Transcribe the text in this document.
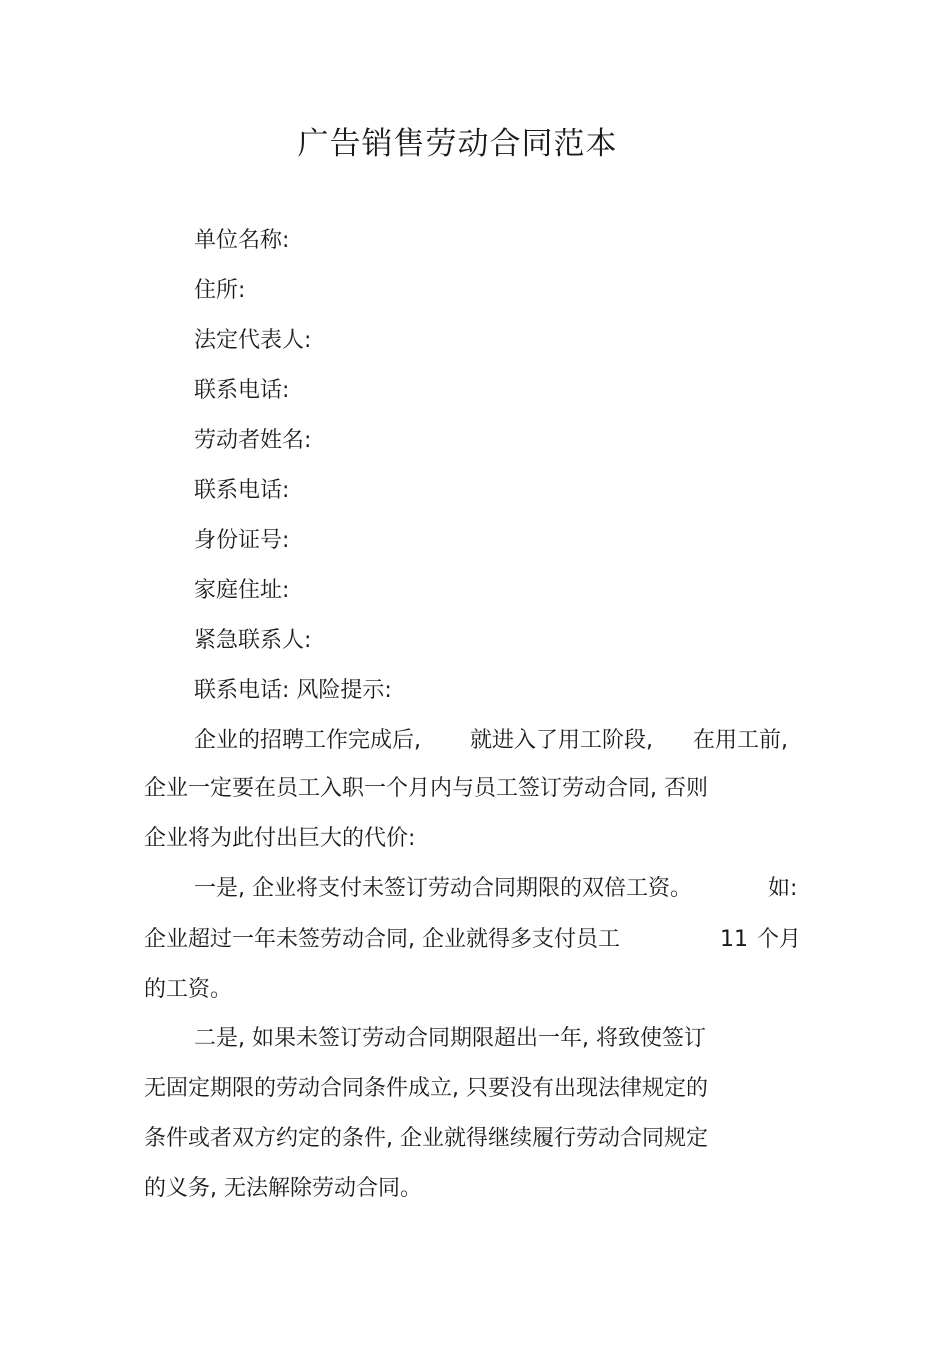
广告销售劳动合同范本
单位名称:
住所:
法定代表人:
联系电话:
劳动者姓名:
联系电话:
身份证号:
家庭住址:
紧急联系人:
联系电话: 风险提示:
企业的招聘工作完成后, 就进入了用工阶段, 在用工前,
企业一定要在员工入职一个月内与员工签订劳动合同, 否则
企业将为此付出巨大的代价:
一是, 企业将支付未签订劳动合同期限的双倍工资。	如:
企业超过一年未签劳动合同, 企业就得多支付员工	11 个月
的工资。
二是, 如果未签订劳动合同期限超出一年, 将致使签订
无固定期限的劳动合同条件成立, 只要没有出现法律规定的
条件或者双方约定的条件, 企业就得继续履行劳动合同规定
的义务, 无法解除劳动合同。
